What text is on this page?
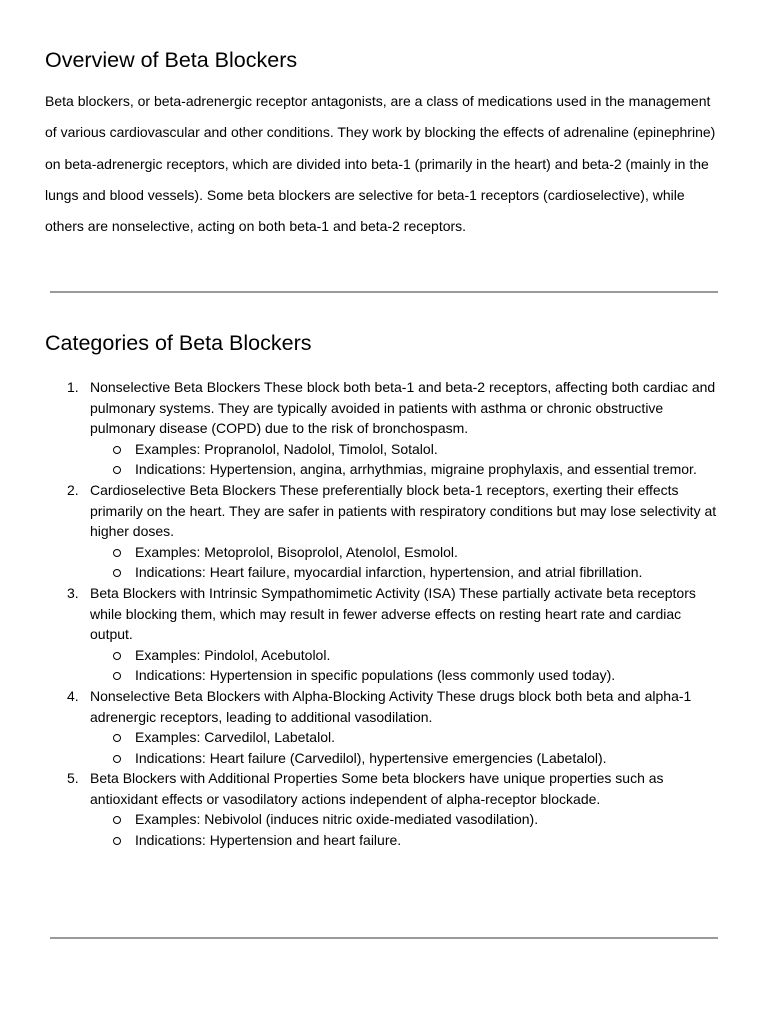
Overview of Beta Blockers

Beta blockers, or beta-adrenergic receptor antagonists, are a class of medications used in the management of various cardiovascular and other conditions. They work by blocking the effects of adrenaline (epinephrine) on beta-adrenergic receptors, which are divided into beta-1 (primarily in the heart) and beta-2 (mainly in the lungs and blood vessels). Some beta blockers are selective for beta-1 receptors (cardioselective), while others are nonselective, acting on both beta-1 and beta-2 receptors.

Categories of Beta Blockers
1. Nonselective Beta Blockers These block both beta-1 and beta-2 receptors, affecting both cardiac and pulmonary systems. They are typically avoided in patients with asthma or chronic obstructive pulmonary disease (COPD) due to the risk of bronchospasm.
Examples: Propranolol, Nadolol, Timolol, Sotalol.
Indications: Hypertension, angina, arrhythmias, migraine prophylaxis, and essential tremor.
2. Cardioselective Beta Blockers These preferentially block beta-1 receptors, exerting their effects primarily on the heart. They are safer in patients with respiratory conditions but may lose selectivity at higher doses.
Examples: Metoprolol, Bisoprolol, Atenolol, Esmolol.
Indications: Heart failure, myocardial infarction, hypertension, and atrial fibrillation.
3. Beta Blockers with Intrinsic Sympathomimetic Activity (ISA) These partially activate beta receptors while blocking them, which may result in fewer adverse effects on resting heart rate and cardiac output.
Examples: Pindolol, Acebutolol.
Indications: Hypertension in specific populations (less commonly used today).
4. Nonselective Beta Blockers with Alpha-Blocking Activity These drugs block both beta and alpha-1 adrenergic receptors, leading to additional vasodilation.
Examples: Carvedilol, Labetalol.
Indications: Heart failure (Carvedilol), hypertensive emergencies (Labetalol).
5. Beta Blockers with Additional Properties Some beta blockers have unique properties such as antioxidant effects or vasodilatory actions independent of alpha-receptor blockade.
Examples: Nebivolol (induces nitric oxide-mediated vasodilation).
Indications: Hypertension and heart failure.
